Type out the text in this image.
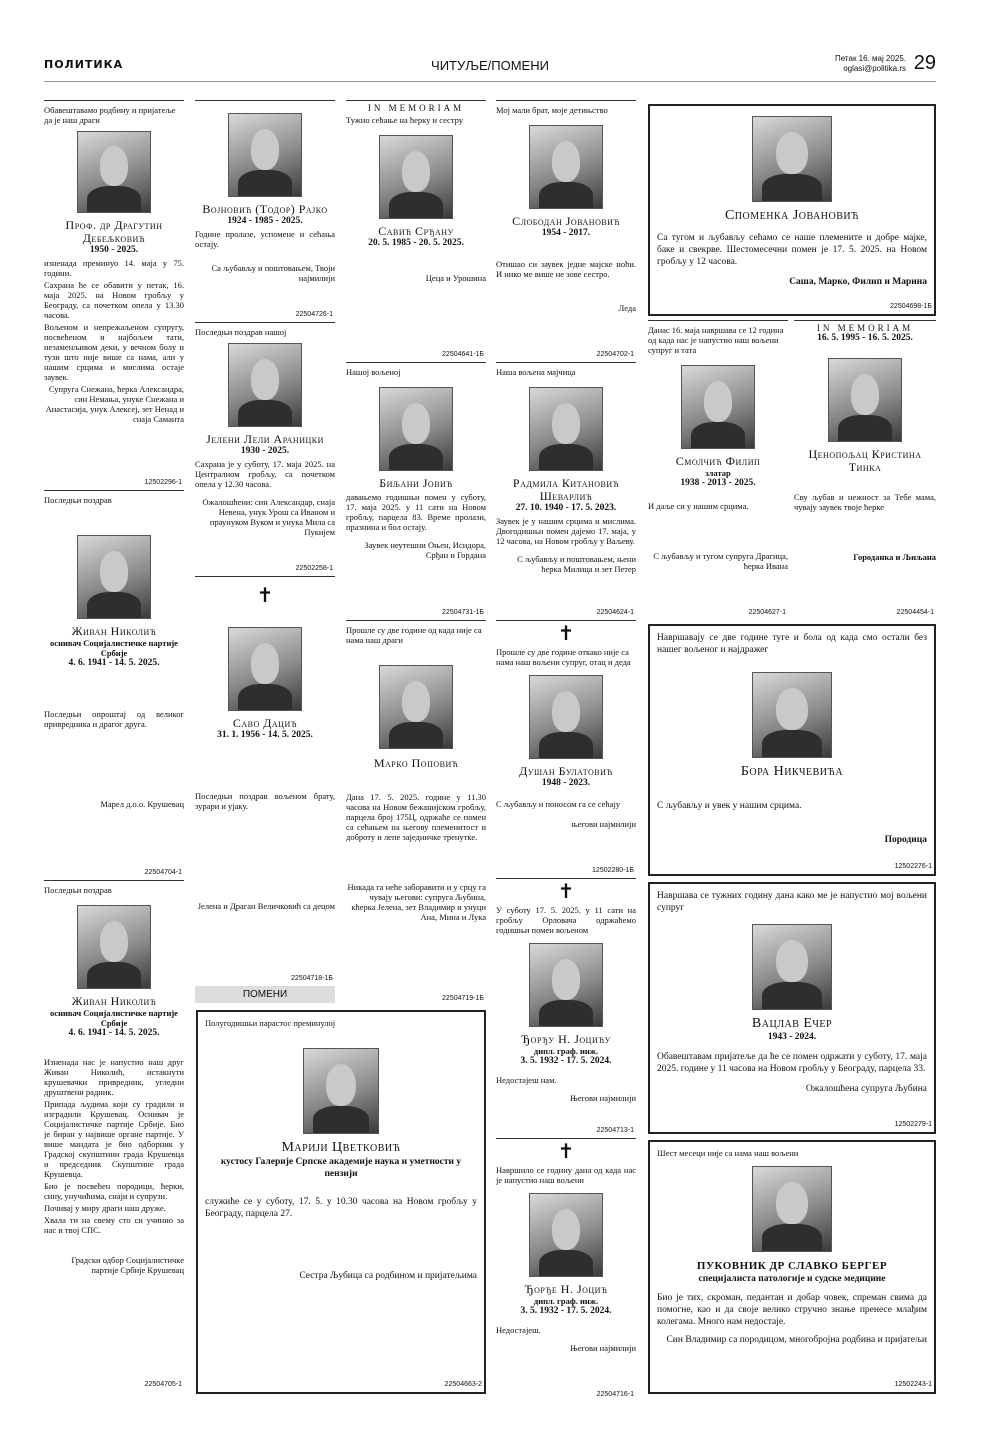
ПОЛИТИКА	ЧИТУЉЕ/ПОМЕНИ	Петак 16. мај 2025.
oglasi@politika.rs 29

Обавештавамо родбину и пријатеље да је наш драги

Проф. др Драгутин Дебељковић
1950 - 2025.

изненада преминуо 14. маја у 75. години.

Сахрана ће се обавити у петак, 16. маја 2025. на Новом гробљу у Београду, са почетком опела у 13.30 часова.

Вољеном и непрежаљеном супругу, посвећеном и најбољем тати, незаменљивом деки, у вечном болу и тузи што није више са нама, али у нашим срцима и мислима остаје заувек.

Супруга Снежана, ћерка Александра, син Немања, унуке Снежана и Анастасија, унук Алексеј, зет Ненад и снаја Саманта

12502296-1

Последњи поздрав

Живан Николић
оснивач Социјалистичке партије Србије
4. 6. 1941 - 14. 5. 2025.

Последњи опроштај од великог привредника и драгог друга.

Марел д.о.о. Крушевац

22504704-1

Последњи поздрав

Живан Николић
оснивач Социјалистичке партије Србије
4. 6. 1941 - 14. 5. 2025.

Изненада нас је напустио наш друг Живан Николић, истакнути крушевачки привредник, угледни друштвени радник.

Припада људима који су градили и изградили Крушевац. Оснивач је Социјалистичке партије Србије. Био је биран у највише органе партије. У више мандата је био одборник у Градској скупштини града Крушевца и председник Скупштине града Крушевца.

Био је посвећен породици, ћерки, сину, унучићима, снаји и супрузи.

Почивај у миру драги наш друже.

Хвала ти на свему сто си учинио за нас и твој СПС.

Градски одбор Социјалистичке партије Србије Крушевац

22504705-1
Војновић (Тодор) Рајко
1924 - 1985 - 2025.

Године пролазе, успомене и сећања остају.

Са љубављу и поштовањем, Твоји најмилији

22504726-1

Последњи поздрав нашој

Јелени Лели Араницки
1930 - 2025.

Сахрана је у суботу, 17. маја 2025. на Централном гробљу, са почетком опела у 12.30 часова.

Ожалошћени: син Александар, снаја Невена, унук Урош са Иваном и праунуком Вуком и унука Мила са Пукијем

22502258-1
✝
Саво Дацић
31. 1. 1956 - 14. 5. 2025.

Последњи поздрав вољеном брату, зурари и ујаку.

Јелена и Драган Величковић са децом

22504718-1Б
ПОМЕНИ
IN MEMORIAM

Тужно сећање на ћерку и сестру

Савић Срђану
20. 5. 1985 - 20. 5. 2025.

Цеца и Урошина

22504641-1Б

Нашој вољеној

Биљани Јовић

давањемо годишњи помен у суботу, 17. маја 2025. у 11 сати на Новом гробљу, парцела 83. Време пролази, празнина и бол остају.

Заувек неутешни Оњен, Исидора, Срђан и Гордана

22504731-1Б

Прошле су две године од када није са нама наш драги

Марко Поповић

Дана 17. 5. 2025. године у 11.30 часова на Новом бежанијском гробљу, парцела број 175Ц, одржаће се помен са сећањем на његову племенитост и доброту и лепе заједничке тренутке.

Никада га неће заборавити и у срцу га чувају његови: супруга Љубина, кћерка Јелена, зет Владимир и унуци Ана, Мина и Лука

22504719-1Б

Мој мали брат, моје детињство

Слободан Јовановић
1954 - 2017.

Отишао си заувек једне мајске ноћи. И нико ме више не зове сестро.

Леда

22504702-1

Нашa вољена мајчица

Радмила Китановић Шеварлић
27. 10. 1940 - 17. 5. 2023.

Заувек је у нашим срцима и мислима. Двогодишњи помен дајемо 17. маја, у 12 часова, на Новом гробљу у Ваљеву.

С љубављу и поштовањем, њени ћерка Милица и зет Петер

22504624-1
✝

Прошле су две године откако није са нама наш вољени супруг, отац и деда

Душан Булатовић
1948 - 2023.

С љубављу и поносом га се сећају

његови најмилији

12502280-1Б
✝

У суботу 17. 5. 2025. у 11 сати на гробљу Орловача одржаћемо годишњи помен вољеном

Ђорђу Н. Јоцићу
дипл. граф. инж.
3. 5. 1932 - 17. 5. 2024.

Недостајеш нам.

Његови најмилији

22504713-1
✝

Навршило се годину дана од када нас је напустио наш вољени

Ђорђе Н. Јоцић
дипл. граф. инж.
3. 5. 1932 - 17. 5. 2024.

Недостајеш.

Његови најмилији

22504716-1

Полугодишњи парастос преминулој

Марији Цветковић
кустосу Галерије Српске академије наука и уметности у пензији

служиће се у суботу, 17. 5. у 10.30 часова на Новом гробљу у Београду, парцела 27.

Сестра Љубица са родбином и пријатељима

22504663-2
Споменка Јовановић

Са тугом и љубављу сећамо се наше племените и добре мајке, баке и свекрве. Шестомесечни помен је 17. 5. 2025. на Новом гробљу у 12 часова.

Саша, Марко, Филип и Марина

22504698-1Б

Данас 16. маја навршава се 12 година од када нас је напустио наш вољени супруг и тата

Смолчић Филип
златар
1938 - 2013 - 2025.

И даље си у нашим срцима.

С љубављу и тугом супруга Драгица, ћерка Ивана

22504627-1
IN MEMORIAM
16. 5. 1995 - 16. 5. 2025.
Ценопољац Кристина Тинка

Сву љубав и нежност за Тебе мама, чувају заувек твоје ћерке

Городанка и Љиљана

22504454-1

Навршавају се две године туге и бола од када смо остали без нашег вољеног и најдражег

Бора Никчевића

С љубављу и увек у нашим срцима.

Породица

12502276-1

Навршава се тужних годину дана како ме је напустио мој вољени супруг

Вацлав Ечер
1943 - 2024.

Обавештавам пријатеље да ће се помен одржати у суботу, 17. маја 2025. године у 11 часова на Новом гробљу у Београду, парцела 33.

Ожалошћена супруга Љубина

12502279-1

Шест месеци није са нама наш вољени

ПУКОВНИК ДР СЛАВКО БЕРГЕР
специјалиста патологије и судске медицине

Био је тих, скроман, педантан и добар човек, спреман свима да помогне, као и да своје велико стручно знање пренесе млађим колегама. Много нам недостаје.

Син Владимир са породицом, многобројна родбина и пријатељи

12502243-1
